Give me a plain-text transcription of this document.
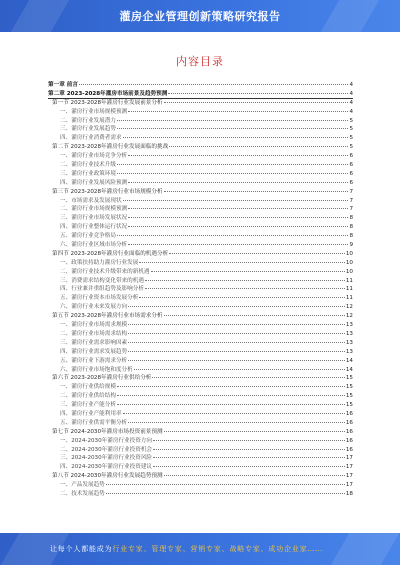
灌房企业管理创新策略研究报告
内容目录
第一章 前言	4
第二章 2023-2028年灌房市场前景及趋势预测	4
第一节 2023-2028年灌房行业发展前景分析	4
一、灌房行业市场规模预测	4
二、灌房行业发展潜力	5
三、灌房行业发展趋势	5
四、灌房行业消费者需求	5
第二节 2023-2028年灌房行业发展面临的挑战	5
一、灌房行业市场竞争分析	6
二、灌房行业技术升级	6
三、灌房行业政策环境	6
四、灌房行业发展风险预测	6
第三节 2023-2028年灌房行业市场规模分析	7
一、市场需求及发展现状	7
二、灌房行业市场规模预测	7
三、灌房行业市场发展状况	8
四、灌房行业整体运行状况	8
五、灌房行业竞争格局	8
六、灌房行业区域市场分析	9
第四节 2023-2028年灌房行业面临的机遇分析	10
一、政策扶持助力灌房行业发展	10
二、灌房行业技术升级带来的新机遇	10
三、消费需求结构变化带来的机遇	11
四、行业兼并重组趋势及影响分析	11
五、灌房行业资本市场发展分析	11
六、灌房行业未来发展方向	12
第五节 2023-2028年灌房行业市场需求分析	12
一、灌房行业市场需求规模	13
二、灌房行业市场需求结构	13
三、灌房行业需求影响因素	13
四、灌房行业需求发展趋势	13
五、灌房行业下游需求分析	14
六、灌房行业市场饱和度分析	14
第六节 2023-2028年灌房行业供给分析	15
一、灌房行业供给规模	15
二、灌房行业供给结构	15
三、灌房行业产能分析	15
四、灌房行业产能利用率	16
五、灌房行业供需平衡分析	16
第七节 2024-2030年灌房市场投资前景预测	16
一、2024-2030年灌房行业投资方向	16
二、2024-2030年灌房行业投资机会	16
三、2024-2030年灌房行业投资风险	17
四、2024-2030年灌房行业投资建议	17
第八节 2024-2030年灌房行业发展趋势预测	17
一、产品发展趋势	17
二、技术发展趋势	18
让每个人都能成为行业专家、管理专家、营销专家、战略专家、成功企业家……
